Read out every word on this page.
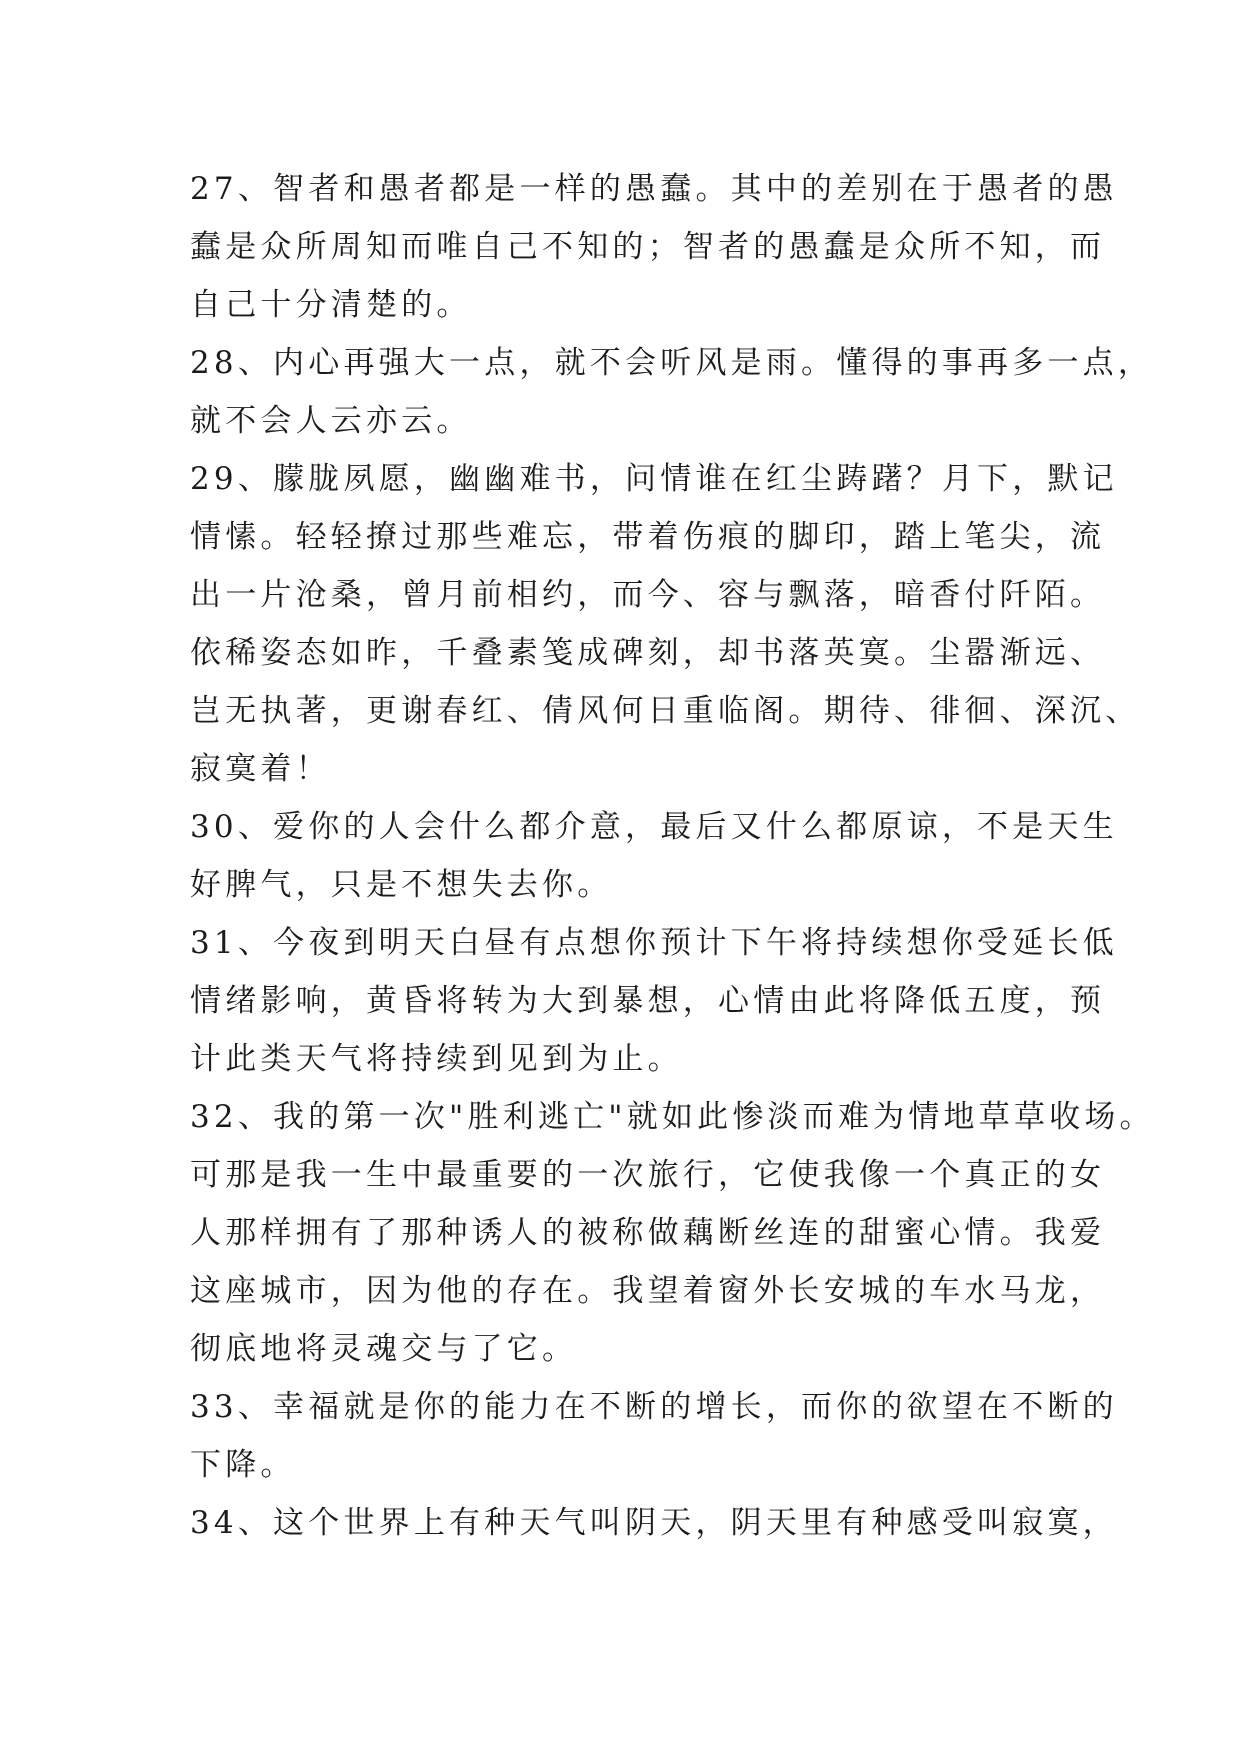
27、智者和愚者都是一样的愚蠢。其中的差别在于愚者的愚
蠢是众所周知而唯自己不知的；智者的愚蠢是众所不知，而
自己十分清楚的。
28、内心再强大一点，就不会听风是雨。懂得的事再多一点，
就不会人云亦云。
29、朦胧夙愿，幽幽难书，问情谁在红尘踌躇？月下，默记
情愫。轻轻撩过那些难忘，带着伤痕的脚印，踏上笔尖，流
出一片沧桑，曾月前相约，而今、容与飘落，暗香付阡陌。
依稀姿态如昨，千叠素笺成碑刻，却书落英寞。尘嚣渐远、
岂无执著，更谢春红、倩风何日重临阁。期待、徘徊、深沉、
寂寞着！
30、爱你的人会什么都介意，最后又什么都原谅，不是天生
好脾气，只是不想失去你。
31、今夜到明天白昼有点想你预计下午将持续想你受延长低
情绪影响，黄昏将转为大到暴想，心情由此将降低五度，预
计此类天气将持续到见到为止。
32、我的第一次"胜利逃亡"就如此惨淡而难为情地草草收场。
可那是我一生中最重要的一次旅行，它使我像一个真正的女
人那样拥有了那种诱人的被称做藕断丝连的甜蜜心情。我爱
这座城市，因为他的存在。我望着窗外长安城的车水马龙，
彻底地将灵魂交与了它。
33、幸福就是你的能力在不断的增长，而你的欲望在不断的
下降。
34、这个世界上有种天气叫阴天，阴天里有种感受叫寂寞，
